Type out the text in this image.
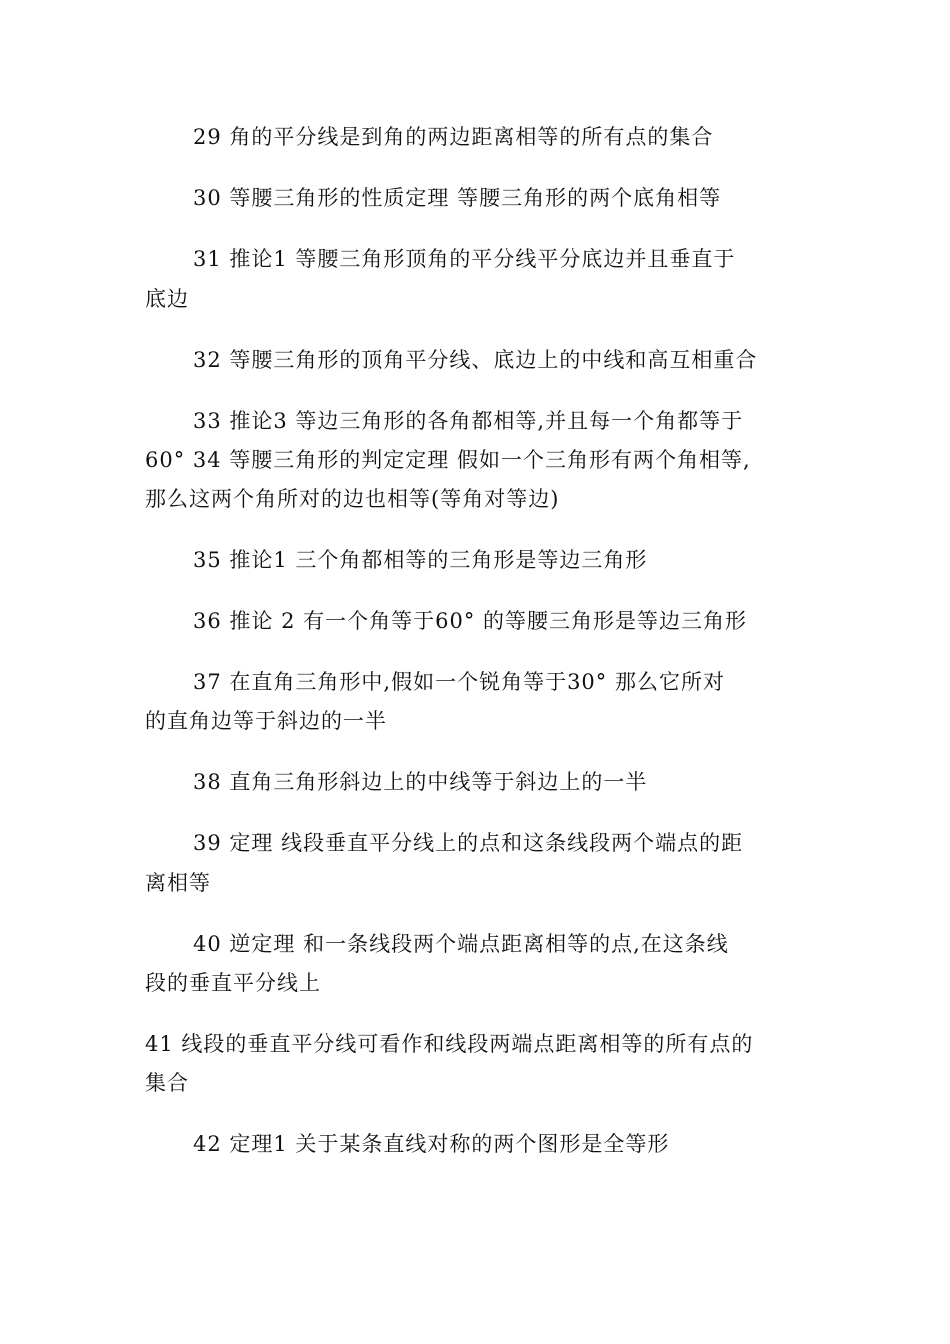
29 角的平分线是到角的两边距离相等的所有点的集合
30 等腰三角形的性质定理 等腰三角形的两个底角相等
31 推论1 等腰三角形顶角的平分线平分底边并且垂直于
底边
32 等腰三角形的顶角平分线、底边上的中线和高互相重合
33 推论3 等边三角形的各角都相等,并且每一个角都等于
60° 34 等腰三角形的判定定理 假如一个三角形有两个角相等,
那么这两个角所对的边也相等(等角对等边)
35 推论1 三个角都相等的三角形是等边三角形
36 推论 2 有一个角等于60° 的等腰三角形是等边三角形
37 在直角三角形中,假如一个锐角等于30° 那么它所对
的直角边等于斜边的一半
38 直角三角形斜边上的中线等于斜边上的一半
39 定理 线段垂直平分线上的点和这条线段两个端点的距
离相等
40 逆定理 和一条线段两个端点距离相等的点,在这条线
段的垂直平分线上
41 线段的垂直平分线可看作和线段两端点距离相等的所有点的
集合
42 定理1 关于某条直线对称的两个图形是全等形
